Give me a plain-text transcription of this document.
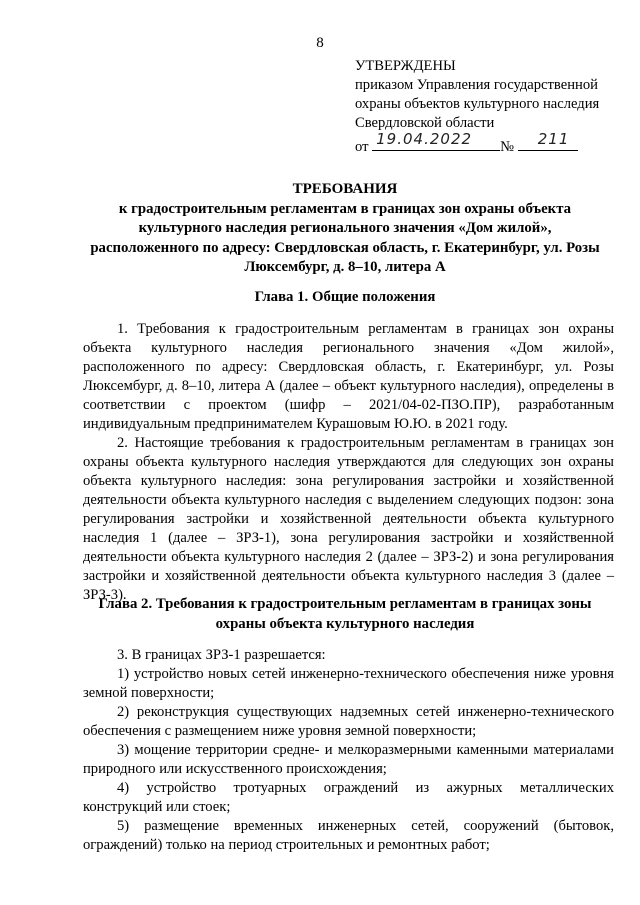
8
УТВЕРЖДЕНЫ
приказом Управления государственной
охраны объектов культурного наследия
Свердловской области
от 19.04.2022 № 211
ТРЕБОВАНИЯ
к градостроительным регламентам в границах зон охраны объекта
культурного наследия регионального значения «Дом жилой»,
расположенного по адресу: Свердловская область, г. Екатеринбург, ул. Розы
Люксембург, д. 8–10, литера А
Глава 1. Общие положения

1. Требования к градостроительным регламентам в границах зон охраны объекта культурного наследия регионального значения «Дом жилой», расположенного по адресу: Свердловская область, г. Екатеринбург, ул. Розы Люксембург, д. 8–10, литера А (далее – объект культурного наследия), определены в соответствии с проектом (шифр – 2021/04-02-ПЗО.ПР), разработанным индивидуальным предпринимателем Курашовым Ю.Ю. в 2021 году.

2. Настоящие требования к градостроительным регламентам в границах зон охраны объекта культурного наследия утверждаются для следующих зон охраны объекта культурного наследия: зона регулирования застройки и хозяйственной деятельности объекта культурного наследия с выделением следующих подзон: зона регулирования застройки и хозяйственной деятельности объекта культурного наследия 1 (далее – ЗРЗ-1), зона регулирования застройки и хозяйственной деятельности объекта культурного наследия 2 (далее – ЗРЗ-2) и зона регулирования застройки и хозяйственной деятельности объекта культурного наследия 3 (далее – ЗРЗ-3).

Глава 2. Требования к градостроительным регламентам в границах зоны
охраны объекта культурного наследия

3. В границах ЗРЗ-1 разрешается:

1) устройство новых сетей инженерно-технического обеспечения ниже уровня земной поверхности;

2) реконструкция существующих надземных сетей инженерно-технического обеспечения с размещением ниже уровня земной поверхности;

3) мощение территории средне- и мелкоразмерными каменными материалами природного или искусственного происхождения;

4) устройство тротуарных ограждений из ажурных металлических конструкций или стоек;

5) размещение временных инженерных сетей, сооружений (бытовок, ограждений) только на период строительных и ремонтных работ;
